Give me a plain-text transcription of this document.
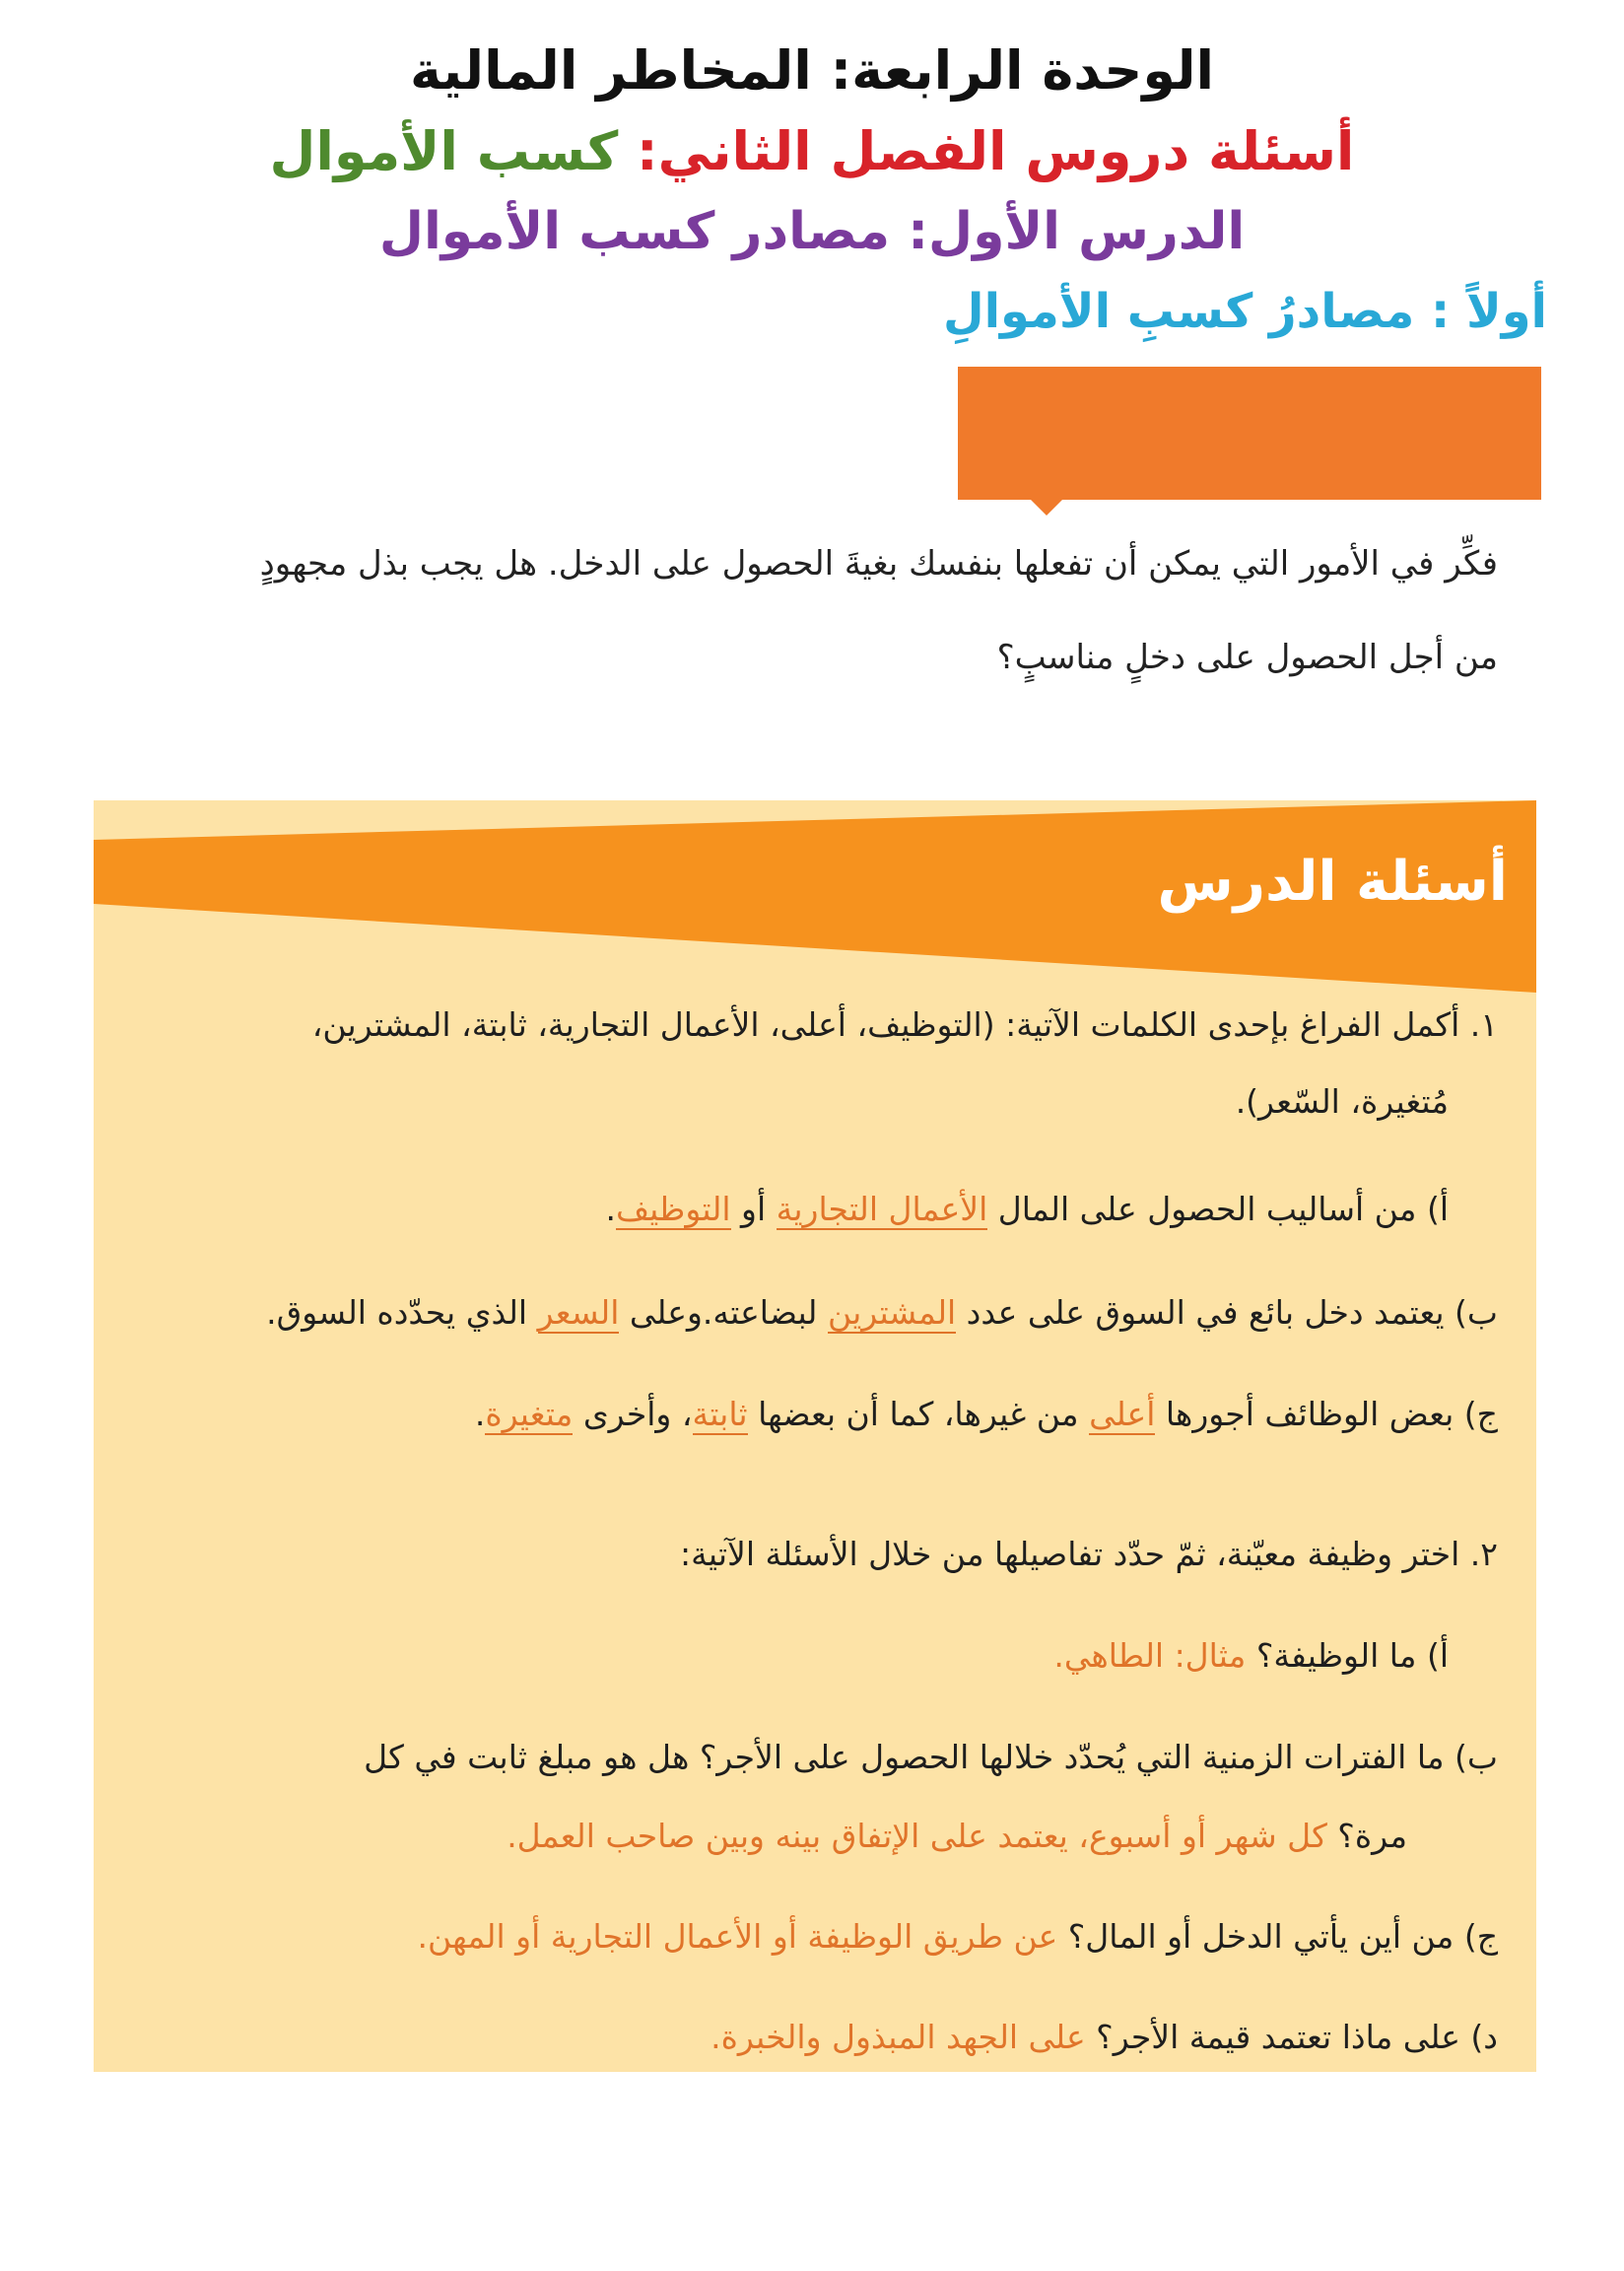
الوحدة الرابعة: المخاطر المالية
أسئلة دروس الفصل الثاني: كسب الأموال
الدرس الأول: مصادر كسب الأموال
أولاً : مصادرُ كسبِ الأموالِ
نشاطٌ بيتيٌّ
فكِّر في الأمور التي يمكن أن تفعلها بنفسك بغيةَ الحصول على الدخل. هل يجب بذل مجهودٍ
من أجل الحصول على دخلٍ مناسبٍ؟
أسئلة الدرس
١. أكمل الفراغ بإحدى الكلمات الآتية: (التوظيف، أعلى، الأعمال التجارية، ثابتة، المشترين،
مُتغيرة، السّعر).
أ) من أساليب الحصول على المال الأعمال التجارية أو التوظيف.
ب) يعتمد دخل بائع في السوق على عدد المشترين لبضاعته.وعلى السعر الذي يحدّده السوق.
ج) بعض الوظائف أجورها أعلى من غيرها، كما أن بعضها ثابتة، وأخرى متغيرة.
٢. اختر وظيفة معيّنة، ثمّ حدّد تفاصيلها من خلال الأسئلة الآتية:
أ) ما الوظيفة؟ مثال: الطاهي.
ب) ما الفترات الزمنية التي يُحدّد خلالها الحصول على الأجر؟ هل هو مبلغ ثابت في كل
مرة؟ كل شهر أو أسبوع، يعتمد على الإتفاق بينه وبين صاحب العمل.
ج) من أين يأتي الدخل أو المال؟ عن طريق الوظيفة أو الأعمال التجارية أو المهن.
د) على ماذا تعتمد قيمة الأجر؟ على الجهد المبذول والخبرة.
